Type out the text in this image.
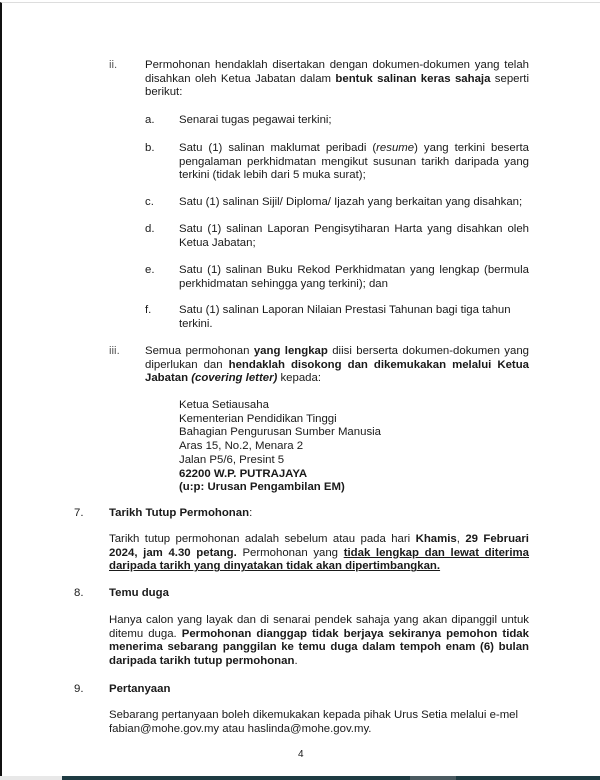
ii. Permohonan hendaklah disertakan dengan dokumen-dokumen yang telah disahkan oleh Ketua Jabatan dalam bentuk salinan keras sahaja seperti berikut:
a. Senarai tugas pegawai terkini;
b. Satu (1) salinan maklumat peribadi (resume) yang terkini beserta pengalaman perkhidmatan mengikut susunan tarikh daripada yang terkini (tidak lebih dari 5 muka surat);
c. Satu (1) salinan Sijil/ Diploma/ Ijazah yang berkaitan yang disahkan;
d. Satu (1) salinan Laporan Pengisytiharan Harta yang disahkan oleh Ketua Jabatan;
e. Satu (1) salinan Buku Rekod Perkhidmatan yang lengkap (bermula perkhidmatan sehingga yang terkini); dan
f. Satu (1) salinan Laporan Nilaian Prestasi Tahunan bagi tiga tahun terkini.
iii. Semua permohonan yang lengkap diisi berserta dokumen-dokumen yang diperlukan dan hendaklah disokong dan dikemukakan melalui Ketua Jabatan (covering letter) kepada:
Ketua Setiausaha
Kementerian Pendidikan Tinggi
Bahagian Pengurusan Sumber Manusia
Aras 15, No.2, Menara 2
Jalan P5/6, Presint 5
62200 W.P. PUTRAJAYA
(u:p: Urusan Pengambilan EM)
7. Tarikh Tutup Permohonan:
Tarikh tutup permohonan adalah sebelum atau pada hari Khamis, 29 Februari 2024, jam 4.30 petang. Permohonan yang tidak lengkap dan lewat diterima daripada tarikh yang dinyatakan tidak akan dipertimbangkan.
8. Temu duga
Hanya calon yang layak dan di senarai pendek sahaja yang akan dipanggil untuk ditemu duga. Permohonan dianggap tidak berjaya sekiranya pemohon tidak menerima sebarang panggilan ke temu duga dalam tempoh enam (6) bulan daripada tarikh tutup permohonan.
9. Pertanyaan
Sebarang pertanyaan boleh dikemukakan kepada pihak Urus Setia melalui e-mel fabian@mohe.gov.my atau haslinda@mohe.gov.my.
4
